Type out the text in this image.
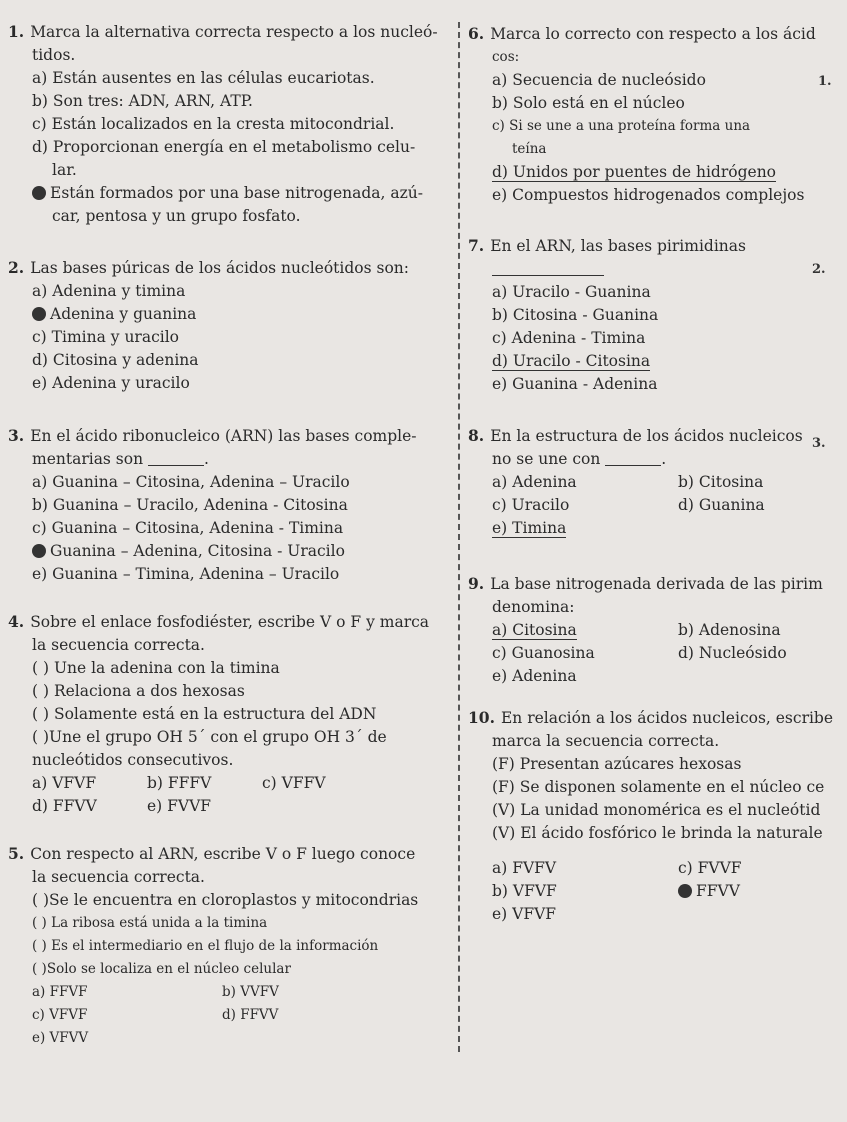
1. Marca la alternativa correcta respecto a los nucleó-
tidos.
a) Están ausentes en las células eucariotas.
b) Son tres: ADN, ARN, ATP.
c) Están localizados en la cresta mitocondrial.
d) Proporcionan energía en el metabolismo celu-
lar.
Están formados por una base nitrogenada, azú-
car, pentosa y un grupo fosfato.
2. Las bases púricas de los ácidos nucleótidos son:
a) Adenina y timina
Adenina y guanina
c) Timina y uracilo
d) Citosina y adenina
e) Adenina y uracilo
3. En el ácido ribonucleico (ARN) las bases comple-
mentarias son	.
a) Guanina – Citosina, Adenina – Uracilo
b) Guanina – Uracilo, Adenina - Citosina
c) Guanina – Citosina, Adenina - Timina
Guanina – Adenina, Citosina - Uracilo
e) Guanina – Timina, Adenina – Uracilo
4. Sobre el enlace fosfodiéster, escribe V o F y marca
la secuencia correcta.
( ) Une la adenina con la timina
( ) Relaciona a dos hexosas
( ) Solamente está en la estructura del ADN
( )Une el grupo OH 5´ con el grupo OH 3´ de
nucleótidos consecutivos.
a) VFVF	b) FFFV	c) VFFV
d) FFVV	e) FVVF
5. Con respecto al ARN, escribe V o F luego conoce
la secuencia correcta.
( )Se le encuentra en cloroplastos y mitocondrias
( ) La ribosa está unida a la timina
( ) Es el intermediario en el flujo de la información
( )Solo se localiza en el núcleo celular
a) FFVF	b) VVFV
c) VFVF	d) FFVV
e) VFVV
6. Marca lo correcto con respecto a los ácid
cos:
a) Secuencia de nucleósido
b) Solo está en el núcleo
c) Si se une a una proteína forma una
teína
d) Unidos por puentes de hidrógeno
e) Compuestos hidrogenados complejos
7. En el ARN, las bases pirimidinas
a) Uracilo - Guanina
b) Citosina - Guanina
c) Adenina - Timina
d) Uracilo - Citosina
e) Guanina - Adenina
8. En la estructura de los ácidos nucleicos
no se une con	.
a) Adenina	b) Citosina
c) Uracilo	d) Guanina
e) Timina
9. La base nitrogenada derivada de las pirim
denomina:
a) Citosina	b) Adenosina
c) Guanosina	d) Nucleósido
e) Adenina
10. En relación a los ácidos nucleicos, escribe
marca la secuencia correcta.
(F) Presentan azúcares hexosas
(F) Se disponen solamente en el núcleo ce
(V) La unidad monomérica es el nucleótid
(V) El ácido fosfórico le brinda la naturale
a) FVFV	c) FVVF
b) VFVF	FFVV
e) VFVF
1.
2.
3.
